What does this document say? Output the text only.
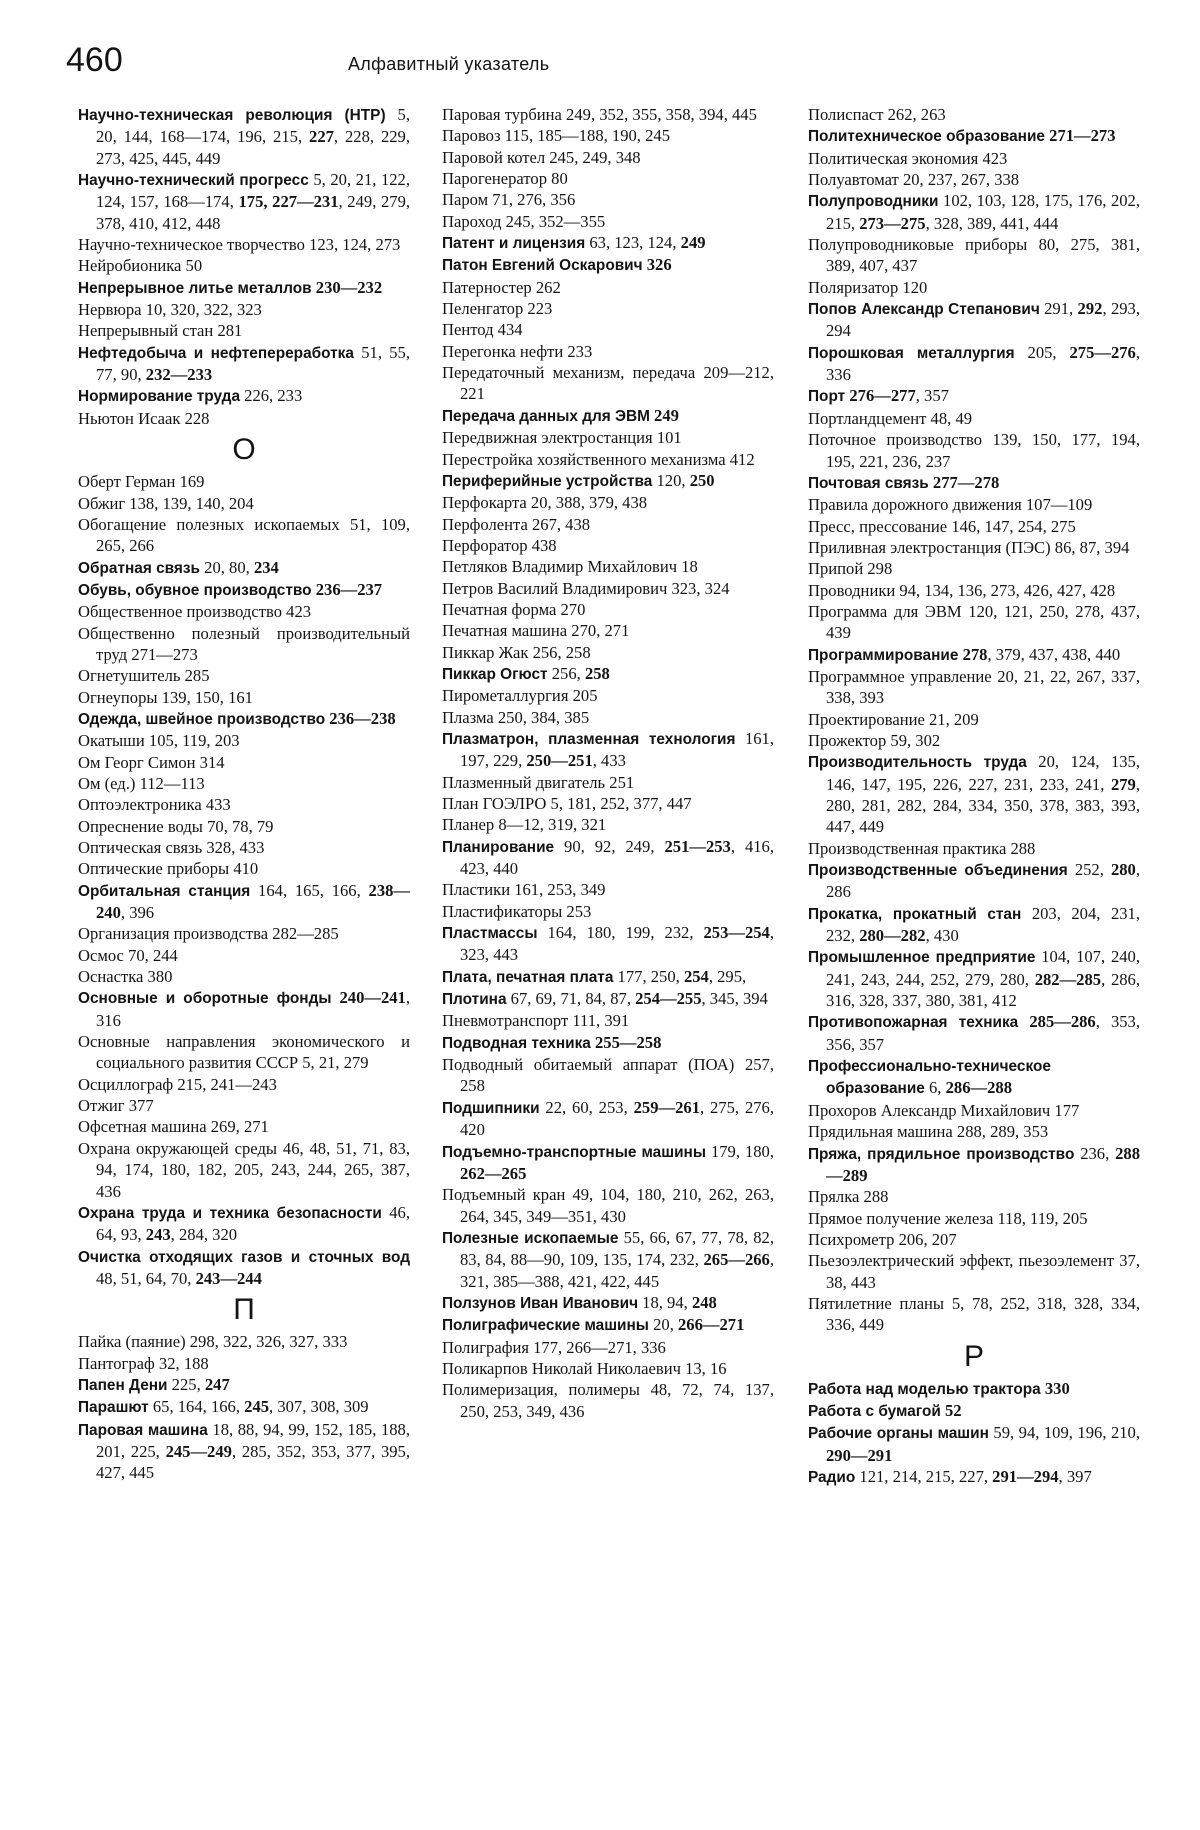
460	Алфавитный указатель

Научно-техническая революция (НТР) 5, 20, 144, 168—174, 196, 215, 227, 228, 229, 273, 425, 445, 449

Научно-технический прогресс 5, 20, 21, 122, 124, 157, 168—174, 175, 227—231, 249, 279, 378, 410, 412, 448

Научно-техническое творчество 123, 124, 273

Нейробионика 50

Непрерывное литье металлов 230—232

Нервюра 10, 320, 322, 323

Непрерывный стан 281

Нефтедобыча и нефтепереработка 51, 55, 77, 90, 232—233

Нормирование труда 226, 233

Ньютон Исаак 228

О

Оберт Герман 169

Обжиг 138, 139, 140, 204

Обогащение полезных ископаемых 51, 109, 265, 266

Обратная связь 20, 80, 234

Обувь, обувное производство 236—237

Общественное производство 423

Общественно полезный производительный труд 271—273

Огнетушитель 285

Огнеупоры 139, 150, 161

Одежда, швейное производство 236—238

Окатыши 105, 119, 203

Ом Георг Симон 314

Ом (ед.) 112—113

Оптоэлектроника 433

Опреснение воды 70, 78, 79

Оптическая связь 328, 433

Оптические приборы 410

Орбитальная станция 164, 165, 166, 238—240, 396

Организация производства 282—285

Осмос 70, 244

Оснастка 380

Основные и оборотные фонды 240—241, 316

Основные направления экономического и социального развития СССР 5, 21, 279

Осциллограф 215, 241—243

Отжиг 377

Офсетная машина 269, 271

Охрана окружающей среды 46, 48, 51, 71, 83, 94, 174, 180, 182, 205, 243, 244, 265, 387, 436

Охрана труда и техника безопасности 46, 64, 93, 243, 284, 320

Очистка отходящих газов и сточных вод 48, 51, 64, 70, 243—244

П

Пайка (паяние) 298, 322, 326, 327, 333

Пантограф 32, 188

Папен Дени 225, 247

Парашют 65, 164, 166, 245, 307, 308, 309

Паровая машина 18, 88, 94, 99, 152, 185, 188, 201, 225, 245—249, 285, 352, 353, 377, 395, 427, 445

Паровая турбина 249, 352, 355, 358, 394, 445

Паровоз 115, 185—188, 190, 245

Паровой котел 245, 249, 348

Парогенератор 80

Паром 71, 276, 356

Пароход 245, 352—355

Патент и лицензия 63, 123, 124, 249

Патон Евгений Оскарович 326

Патерностер 262

Пеленгатор 223

Пентод 434

Перегонка нефти 233

Передаточный механизм, передача 209—212, 221

Передача данных для ЭВМ 249

Передвижная электростанция 101

Перестройка хозяйственного механизма 412

Периферийные устройства 120, 250

Перфокарта 20, 388, 379, 438

Перфолента 267, 438

Перфоратор 438

Петляков Владимир Михайлович 18

Петров Василий Владимирович 323, 324

Печатная форма 270

Печатная машина 270, 271

Пиккар Жак 256, 258

Пиккар Огюст 256, 258

Пирометаллургия 205

Плазма 250, 384, 385

Плазматрон, плазменная технология 161, 197, 229, 250—251, 433

Плазменный двигатель 251

План ГОЭЛРО 5, 181, 252, 377, 447

Планер 8—12, 319, 321

Планирование 90, 92, 249, 251—253, 416, 423, 440

Пластики 161, 253, 349

Пластификаторы 253

Пластмассы 164, 180, 199, 232, 253—254, 323, 443

Плата, печатная плата 177, 250, 254, 295,

Плотина 67, 69, 71, 84, 87, 254—255, 345, 394

Пневмотранспорт 111, 391

Подводная техника 255—258

Подводный обитаемый аппарат (ПОА) 257, 258

Подшипники 22, 60, 253, 259—261, 275, 276, 420

Подъемно-транспортные машины 179, 180, 262—265

Подъемный кран 49, 104, 180, 210, 262, 263, 264, 345, 349—351, 430

Полезные ископаемые 55, 66, 67, 77, 78, 82, 83, 84, 88—90, 109, 135, 174, 232, 265—266, 321, 385—388, 421, 422, 445

Ползунов Иван Иванович 18, 94, 248

Полиграфические машины 20, 266—271

Полиграфия 177, 266—271, 336

Поликарпов Николай Николаевич 13, 16

Полимеризация, полимеры 48, 72, 74, 137, 250, 253, 349, 436

Полиспаст 262, 263

Политехническое образование 271—273

Политическая экономия 423

Полуавтомат 20, 237, 267, 338

Полупроводники 102, 103, 128, 175, 176, 202, 215, 273—275, 328, 389, 441, 444

Полупроводниковые приборы 80, 275, 381, 389, 407, 437

Поляризатор 120

Попов Александр Степанович 291, 292, 293, 294

Порошковая металлургия 205, 275—276, 336

Порт 276—277, 357

Портландцемент 48, 49

Поточное производство 139, 150, 177, 194, 195, 221, 236, 237

Почтовая связь 277—278

Правила дорожного движения 107—109

Пресс, прессование 146, 147, 254, 275

Приливная электростанция (ПЭС) 86, 87, 394

Припой 298

Проводники 94, 134, 136, 273, 426, 427, 428

Программа для ЭВМ 120, 121, 250, 278, 437, 439

Программирование 278, 379, 437, 438, 440

Программное управление 20, 21, 22, 267, 337, 338, 393

Проектирование 21, 209

Прожектор 59, 302

Производительность труда 20, 124, 135, 146, 147, 195, 226, 227, 231, 233, 241, 279, 280, 281, 282, 284, 334, 350, 378, 383, 393, 447, 449

Производственная практика 288

Производственные объединения 252, 280, 286

Прокатка, прокатный стан 203, 204, 231, 232, 280—282, 430

Промышленное предприятие 104, 107, 240, 241, 243, 244, 252, 279, 280, 282—285, 286, 316, 328, 337, 380, 381, 412

Противопожарная техника 285—286, 353, 356, 357

Профессионально-техническое образование 6, 286—288

Прохоров Александр Михайлович 177

Прядильная машина 288, 289, 353

Пряжа, прядильное производство 236, 288—289

Прялка 288

Прямое получение железа 118, 119, 205

Психрометр 206, 207

Пьезоэлектрический эффект, пьезоэлемент 37, 38, 443

Пятилетние планы 5, 78, 252, 318, 328, 334, 336, 449

Р

Работа над моделью трактора 330

Работа с бумагой 52

Рабочие органы машин 59, 94, 109, 196, 210, 290—291

Радио 121, 214, 215, 227, 291—294, 397
